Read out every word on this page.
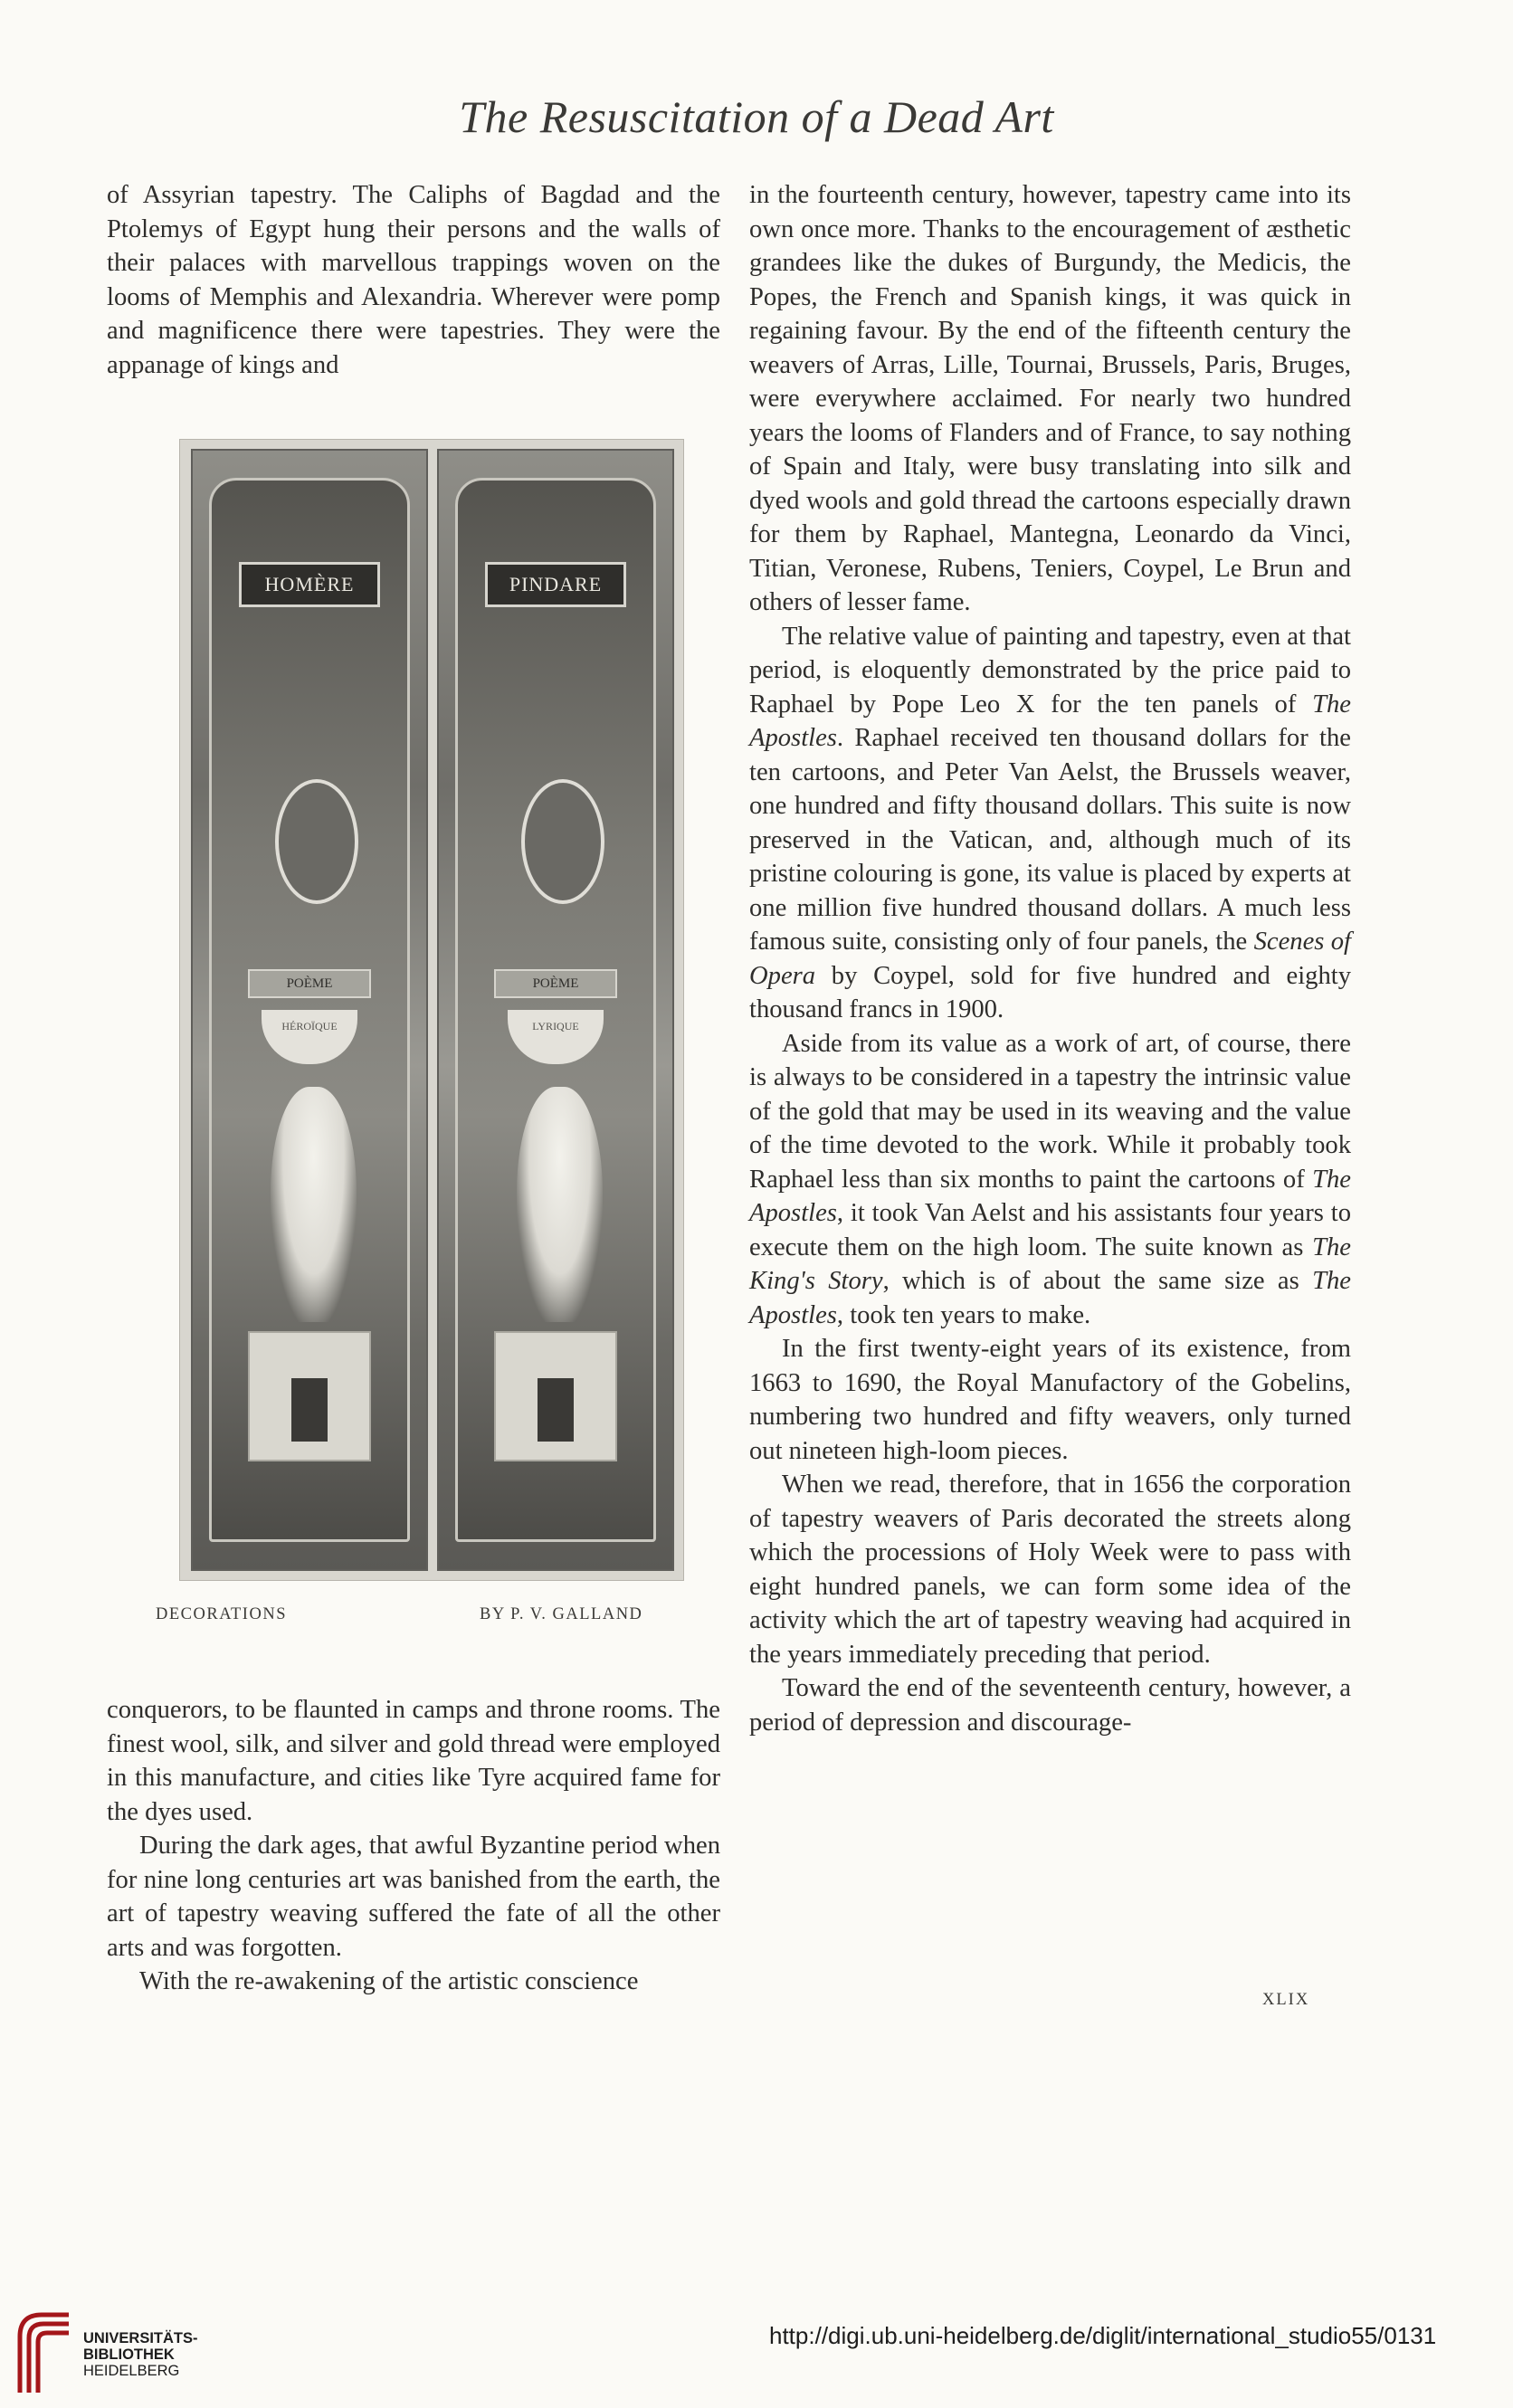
The Resuscitation of a Dead Art

of Assyrian tapestry. The Caliphs of Bagdad and the Ptolemys of Egypt hung their persons and the walls of their palaces with marvellous trappings woven on the looms of Memphis and Alexandria. Wherever were pomp and magnificence there were tapestries. They were the appanage of kings and

HOMÈRE
POÈME
HÉROÏQUE
PINDARE
POÈME
LYRIQUE
DECORATIONS	BY P. V. GALLAND

conquerors, to be flaunted in camps and throne rooms. The finest wool, silk, and silver and gold thread were employed in this manufacture, and cities like Tyre acquired fame for the dyes used.

During the dark ages, that awful Byzantine period when for nine long centuries art was banished from the earth, the art of tapestry weaving suffered the fate of all the other arts and was forgotten.

With the re-awakening of the artistic conscience

in the fourteenth century, however, tapestry came into its own once more. Thanks to the encouragement of æsthetic grandees like the dukes of Burgundy, the Medicis, the Popes, the French and Spanish kings, it was quick in regaining favour. By the end of the fifteenth century the weavers of Arras, Lille, Tournai, Brussels, Paris, Bruges, were everywhere acclaimed. For nearly two hundred years the looms of Flanders and of France, to say nothing of Spain and Italy, were busy translating into silk and dyed wools and gold thread the cartoons especially drawn for them by Raphael, Mantegna, Leonardo da Vinci, Titian, Veronese, Rubens, Teniers, Coypel, Le Brun and others of lesser fame.

The relative value of painting and tapestry, even at that period, is eloquently demonstrated by the price paid to Raphael by Pope Leo X for the ten panels of The Apostles. Raphael received ten thousand dollars for the ten cartoons, and Peter Van Aelst, the Brussels weaver, one hundred and fifty thousand dollars. This suite is now preserved in the Vatican, and, although much of its pristine colouring is gone, its value is placed by experts at one million five hundred thousand dollars. A much less famous suite, consisting only of four panels, the Scenes of Opera by Coypel, sold for five hundred and eighty thousand francs in 1900.

Aside from its value as a work of art, of course, there is always to be considered in a tapestry the intrinsic value of the gold that may be used in its weaving and the value of the time devoted to the work. While it probably took Raphael less than six months to paint the cartoons of The Apostles, it took Van Aelst and his assistants four years to execute them on the high loom. The suite known as The King's Story, which is of about the same size as The Apostles, took ten years to make.

In the first twenty-eight years of its existence, from 1663 to 1690, the Royal Manufactory of the Gobelins, numbering two hundred and fifty weavers, only turned out nineteen high-loom pieces.

When we read, therefore, that in 1656 the corporation of tapestry weavers of Paris decorated the streets along which the processions of Holy Week were to pass with eight hundred panels, we can form some idea of the activity which the art of tapestry weaving had acquired in the years immediately preceding that period.

Toward the end of the seventeenth century, however, a period of depression and discourage-

XLIX
UNIVERSITÄTS-
BIBLIOTHEK
HEIDELBERG
http://digi.ub.uni-heidelberg.de/diglit/international_studio55/0131
